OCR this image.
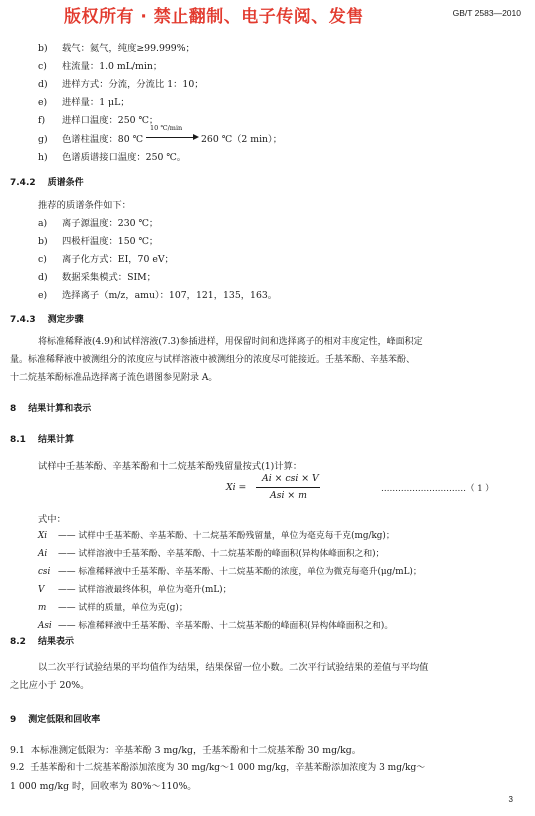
版权所有 · 禁止翻制、电子传阅、发售	GB/T 2583—2010
b) 载气：氦气，纯度≥99.999%；
c) 柱流量：1.0 mL/min；
d) 进样方式：分流，分流比 1：10；
e) 进样量：1 μL；
f) 进样口温度：250 ℃；
g) 色谱柱温度：80 ℃
10 ℃/min
260 ℃（2 min）；
h) 色谱质谱接口温度：250 ℃。
7.4.2 质谱条件
推荐的质谱条件如下：
a) 离子源温度：230 ℃；
b) 四极杆温度：150 ℃；
c) 离子化方式：EI，70 eV；
d) 数据采集模式：SIM；
e) 选择离子（m/z，amu）：107，121，135，163。
7.4.3 测定步骤
将标准稀释液(4.9)和试样溶液(7.3)参插进样，用保留时间和选择离子的相对丰度定性，峰面积定
量。标准稀释液中被测组分的浓度应与试样溶液中被测组分的浓度尽可能接近。壬基苯酚、辛基苯酚、
十二烷基苯酚标准品选择离子流色谱图参见附录 A。
8 结果计算和表示
8.1 结果计算
试样中壬基苯酚、辛基苯酚和十二烷基苯酚残留量按式(1)计算：
Xi =
Ai × csi × V
Asi × m
…………………………（ 1 ）
式中：
Xi —— 试样中壬基苯酚、辛基苯酚、十二烷基苯酚残留量，单位为毫克每千克(mg/kg)；
Ai —— 试样溶液中壬基苯酚、辛基苯酚、十二烷基苯酚的峰面积(异构体峰面积之和)；
csi —— 标准稀释液中壬基苯酚、辛基苯酚、十二烷基苯酚的浓度，单位为微克每毫升(μg/mL)；
V —— 试样溶液最终体积，单位为毫升(mL)；
m —— 试样的质量，单位为克(g)；
Asi —— 标准稀释液中壬基苯酚、辛基苯酚、十二烷基苯酚的峰面积(异构体峰面积之和)。
8.2 结果表示
以二次平行试验结果的平均值作为结果，结果保留一位小数。二次平行试验结果的差值与平均值
之比应小于 20%。
9 测定低限和回收率
9.1 本标准测定低限为：辛基苯酚 3 mg/kg，壬基苯酚和十二烷基苯酚 30 mg/kg。
9.2 壬基苯酚和十二烷基苯酚添加浓度为 30 mg/kg～1 000 mg/kg，辛基苯酚添加浓度为 3 mg/kg～
1 000 mg/kg 时，回收率为 80%～110%。
3
